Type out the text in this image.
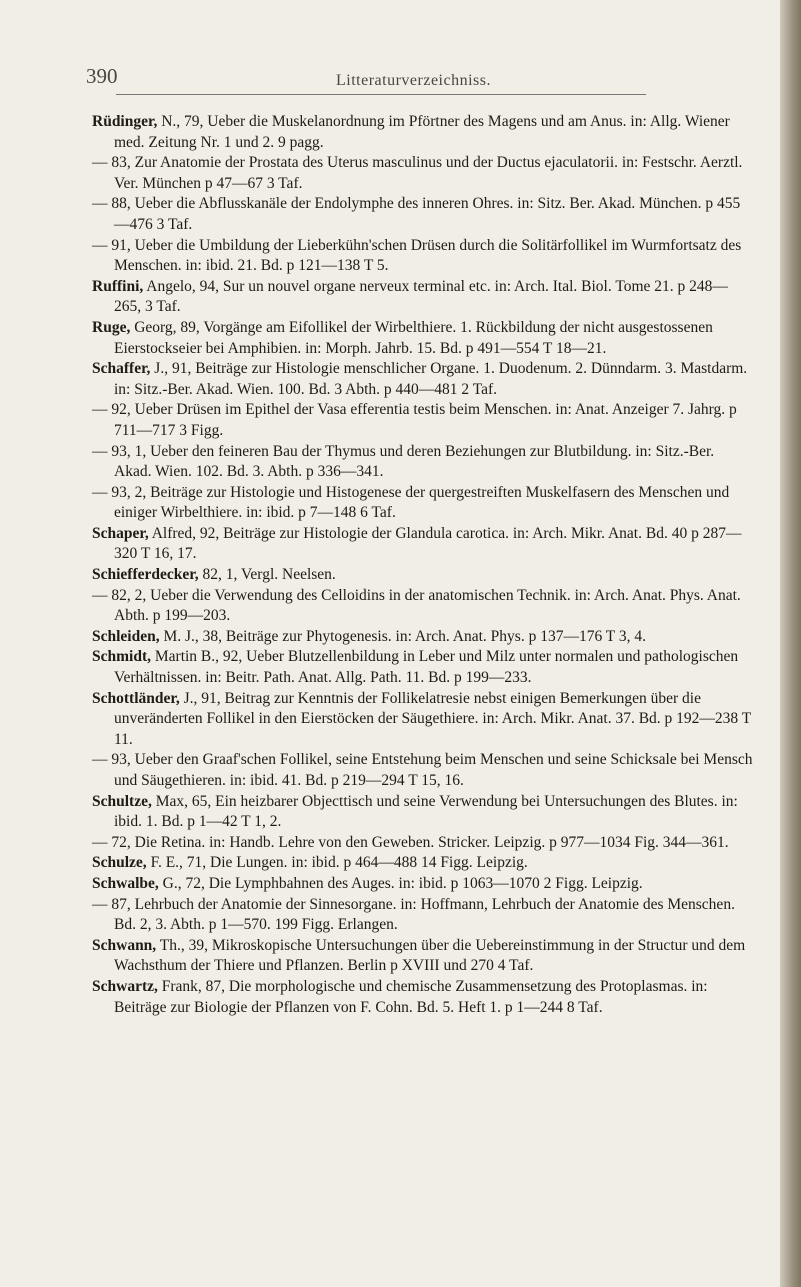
390	Litteraturverzeichniss.

Rüdinger, N., 79, Ueber die Muskelanordnung im Pförtner des Magens und am Anus. in: Allg. Wiener med. Zeitung Nr. 1 und 2. 9 pagg.

— 83, Zur Anatomie der Prostata des Uterus masculinus und der Ductus ejaculatorii. in: Festschr. Aerztl. Ver. München p 47—67 3 Taf.

— 88, Ueber die Abflusskanäle der Endolymphe des inneren Ohres. in: Sitz. Ber. Akad. München. p 455—476 3 Taf.

— 91, Ueber die Umbildung der Lieberkühn'schen Drüsen durch die Solitärfollikel im Wurmfortsatz des Menschen. in: ibid. 21. Bd. p 121—138 T 5.

Ruffini, Angelo, 94, Sur un nouvel organe nerveux terminal etc. in: Arch. Ital. Biol. Tome 21. p 248—265, 3 Taf.

Ruge, Georg, 89, Vorgänge am Eifollikel der Wirbelthiere. 1. Rückbildung der nicht ausgestossenen Eierstockseier bei Amphibien. in: Morph. Jahrb. 15. Bd. p 491—554 T 18—21.

Schaffer, J., 91, Beiträge zur Histologie menschlicher Organe. 1. Duodenum. 2. Dünndarm. 3. Mastdarm. in: Sitz.-Ber. Akad. Wien. 100. Bd. 3 Abth. p 440—481 2 Taf.

— 92, Ueber Drüsen im Epithel der Vasa efferentia testis beim Menschen. in: Anat. Anzeiger 7. Jahrg. p 711—717 3 Figg.

— 93, 1, Ueber den feineren Bau der Thymus und deren Beziehungen zur Blutbildung. in: Sitz.-Ber. Akad. Wien. 102. Bd. 3. Abth. p 336—341.

— 93, 2, Beiträge zur Histologie und Histogenese der quergestreiften Muskelfasern des Menschen und einiger Wirbelthiere. in: ibid. p 7—148 6 Taf.

Schaper, Alfred, 92, Beiträge zur Histologie der Glandula carotica. in: Arch. Mikr. Anat. Bd. 40 p 287—320 T 16, 17.

Schiefferdecker, 82, 1, Vergl. Neelsen.

— 82, 2, Ueber die Verwendung des Celloidins in der anatomischen Technik. in: Arch. Anat. Phys. Anat. Abth. p 199—203.

Schleiden, M. J., 38, Beiträge zur Phytogenesis. in: Arch. Anat. Phys. p 137—176 T 3, 4.

Schmidt, Martin B., 92, Ueber Blutzellenbildung in Leber und Milz unter normalen und pathologischen Verhältnissen. in: Beitr. Path. Anat. Allg. Path. 11. Bd. p 199—233.

Schottländer, J., 91, Beitrag zur Kenntnis der Follikelatresie nebst einigen Bemerkungen über die unveränderten Follikel in den Eierstöcken der Säugethiere. in: Arch. Mikr. Anat. 37. Bd. p 192—238 T 11.

— 93, Ueber den Graaf'schen Follikel, seine Entstehung beim Menschen und seine Schicksale bei Mensch und Säugethieren. in: ibid. 41. Bd. p 219—294 T 15, 16.

Schultze, Max, 65, Ein heizbarer Objecttisch und seine Verwendung bei Untersuchungen des Blutes. in: ibid. 1. Bd. p 1—42 T 1, 2.

— 72, Die Retina. in: Handb. Lehre von den Geweben. Stricker. Leipzig. p 977—1034 Fig. 344—361.

Schulze, F. E., 71, Die Lungen. in: ibid. p 464—488 14 Figg. Leipzig.

Schwalbe, G., 72, Die Lymphbahnen des Auges. in: ibid. p 1063—1070 2 Figg. Leipzig.

— 87, Lehrbuch der Anatomie der Sinnesorgane. in: Hoffmann, Lehrbuch der Anatomie des Menschen. Bd. 2, 3. Abth. p 1—570. 199 Figg. Erlangen.

Schwann, Th., 39, Mikroskopische Untersuchungen über die Uebereinstimmung in der Structur und dem Wachsthum der Thiere und Pflanzen. Berlin p XVIII und 270 4 Taf.

Schwartz, Frank, 87, Die morphologische und chemische Zusammensetzung des Protoplasmas. in: Beiträge zur Biologie der Pflanzen von F. Cohn. Bd. 5. Heft 1. p 1—244 8 Taf.
